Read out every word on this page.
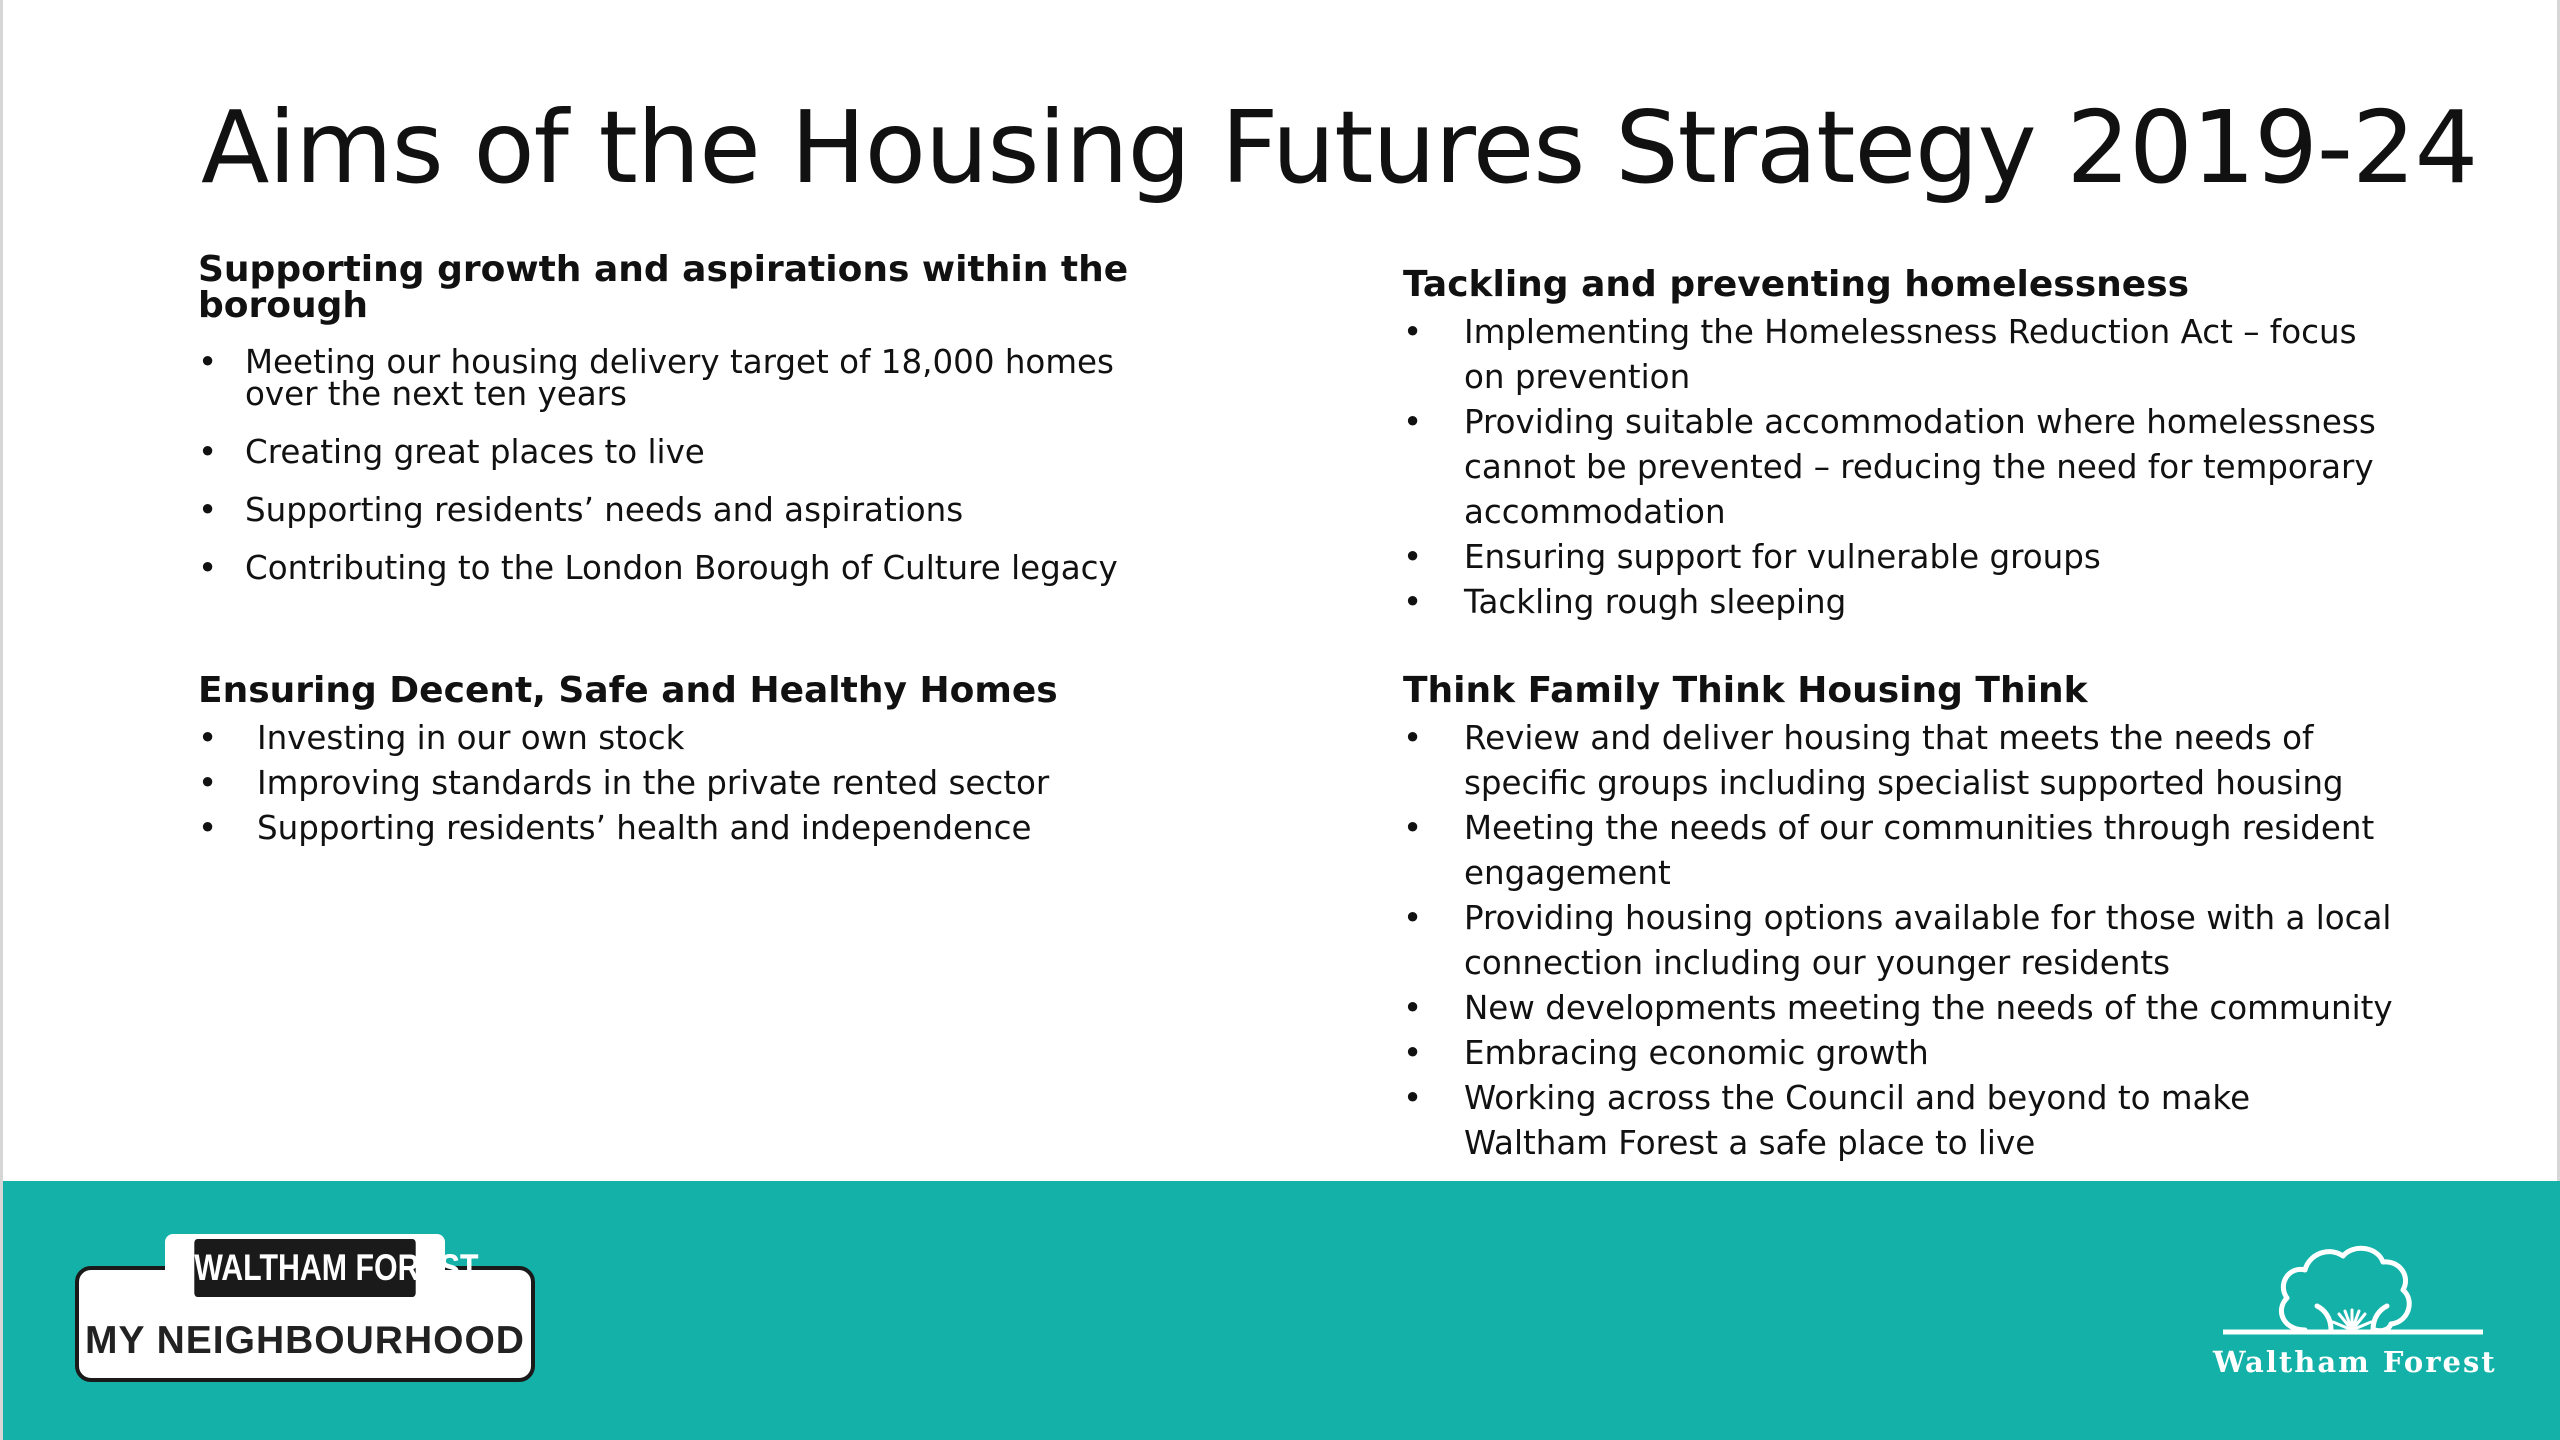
Aims of the Housing Futures Strategy 2019-24
Supporting growth and aspirations within the borough
• Meeting our housing delivery target of 18,000 homes over the next ten years
• Creating great places to live
• Supporting residents’ needs and aspirations
• Contributing to the London Borough of Culture legacy
Ensuring Decent, Safe and Healthy Homes
• Investing in our own stock
• Improving standards in the private rented sector
• Supporting residents’ health and independence
Tackling and preventing homelessness
• Implementing the Homelessness Reduction Act – focus on prevention
• Providing suitable accommodation where homelessness cannot be prevented – reducing the need for temporary accommodation
• Ensuring support for vulnerable groups
• Tackling rough sleeping
Think Family Think Housing Think
• Review and deliver housing that meets the needs of specific groups including specialist supported housing
• Meeting the needs of our communities through resident engagement
• Providing housing options available for those with a local connection including our younger residents
• New developments meeting the needs of the community
• Embracing economic growth
• Working across the Council and beyond to make Waltham Forest a safe place to live
MY NEIGHBOURHOOD
WALTHAM FOREST
Waltham Forest
